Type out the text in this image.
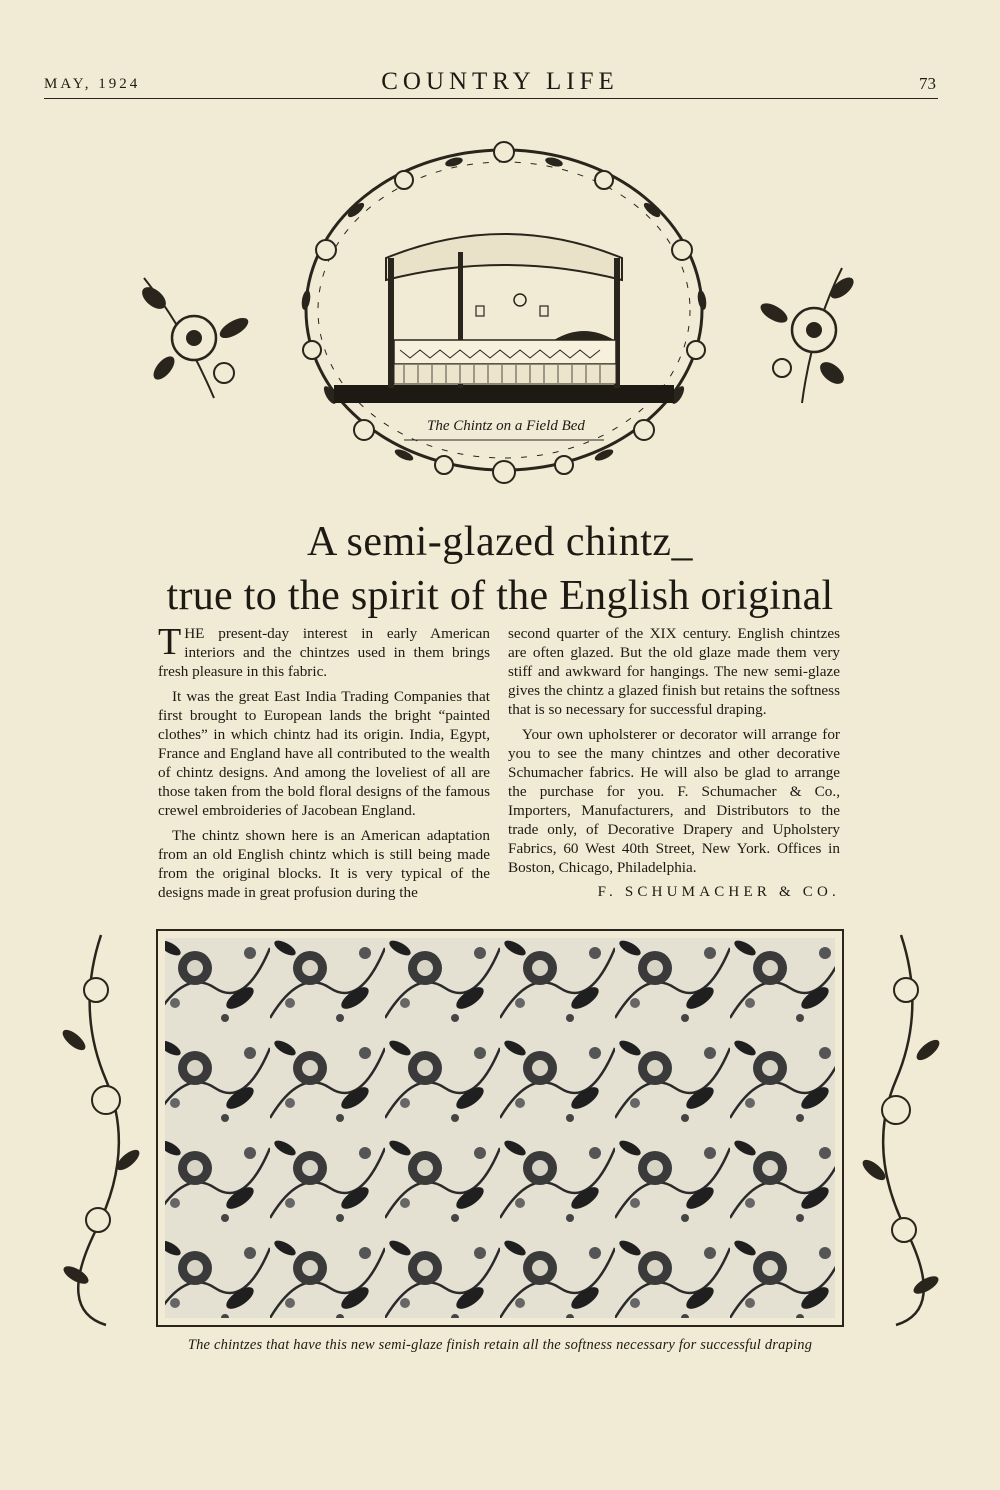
MAY, 1924	COUNTRY LIFE	73
The Chintz on a Field Bed
A semi-glazed chintz_
true to the spirit of the English original

THE present-day interest in early American interiors and the chintzes used in them brings fresh pleasure in this fabric.

It was the great East India Trading Companies that first brought to European lands the bright “painted clothes” in which chintz had its origin. India, Egypt, France and England have all contributed to the wealth of chintz designs. And among the loveliest of all are those taken from the bold floral designs of the famous crewel embroideries of Jacobean England.

The chintz shown here is an American adaptation from an old English chintz which is still being made from the original blocks. It is very typical of the designs made in great profusion during the

second quarter of the XIX century. English chintzes are often glazed. But the old glaze made them very stiff and awkward for hangings. The new semi-glaze gives the chintz a glazed finish but retains the softness that is so necessary for successful draping.

Your own upholsterer or decorator will arrange for you to see the many chintzes and other decorative Schumacher fabrics. He will also be glad to arrange the purchase for you. F. Schumacher & Co., Importers, Manufacturers, and Distributors to the trade only, of Decorative Drapery and Upholstery Fabrics, 60 West 40th Street, New York. Offices in Boston, Chicago, Philadelphia.

F. SCHUMACHER & CO.
The chintzes that have this new semi-glaze finish retain all the softness necessary for successful draping
